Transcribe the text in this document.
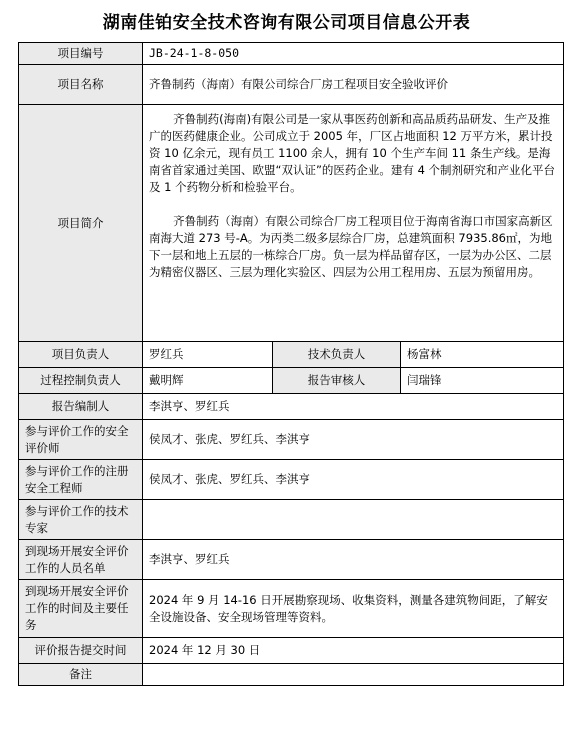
湖南佳铂安全技术咨询有限公司项目信息公开表
项目编号	JB-24-1-8-050		
项目名称	齐鲁制药（海南）有限公司综合厂房工程项目安全验收评价		
项目简介	齐鲁制药(海南)有限公司是一家从事医药创新和高品质药品研发、生产及推广的医药健康企业。公司成立于 2005 年，厂区占地面积 12 万平方米，累计投资 10 亿余元，现有员工 1100 余人，拥有 10 个生产车间 11 条生产线。是海南省首家通过美国、欧盟“双认证”的医药企业。建有 4 个制剂研究和产业化平台及 1 个药物分析和检验平台。

齐鲁制药（海南）有限公司综合厂房工程项目位于海南省海口市国家高新区南海大道 273 号-A。为丙类二级多层综合厂房，总建筑面积 7935.86㎡，为地下一层和地上五层的一栋综合厂房。负一层为样品留存区，一层为办公区、二层为精密仪器区、三层为理化实验区、四层为公用工程用房、五层为预留用房。		

项目负责人	罗红兵	技术负责人	杨富林
过程控制负责人	戴明辉	报告审核人	闫瑞锋
报告编制人	李淇亨、罗红兵		
参与评价工作的安全评价师	侯凤才、张虎、罗红兵、李淇亨		
参与评价工作的注册安全工程师	侯凤才、张虎、罗红兵、李淇亨		
参与评价工作的技术专家			
到现场开展安全评价工作的人员名单	李淇亨、罗红兵		
到现场开展安全评价工作的时间及主要任务	2024 年 9 月 14-16 日开展勘察现场、收集资料，测量各建筑物间距，了解安全设施设备、安全现场管理等资料。		
评价报告提交时间	2024 年 12 月 30 日		
备注			
